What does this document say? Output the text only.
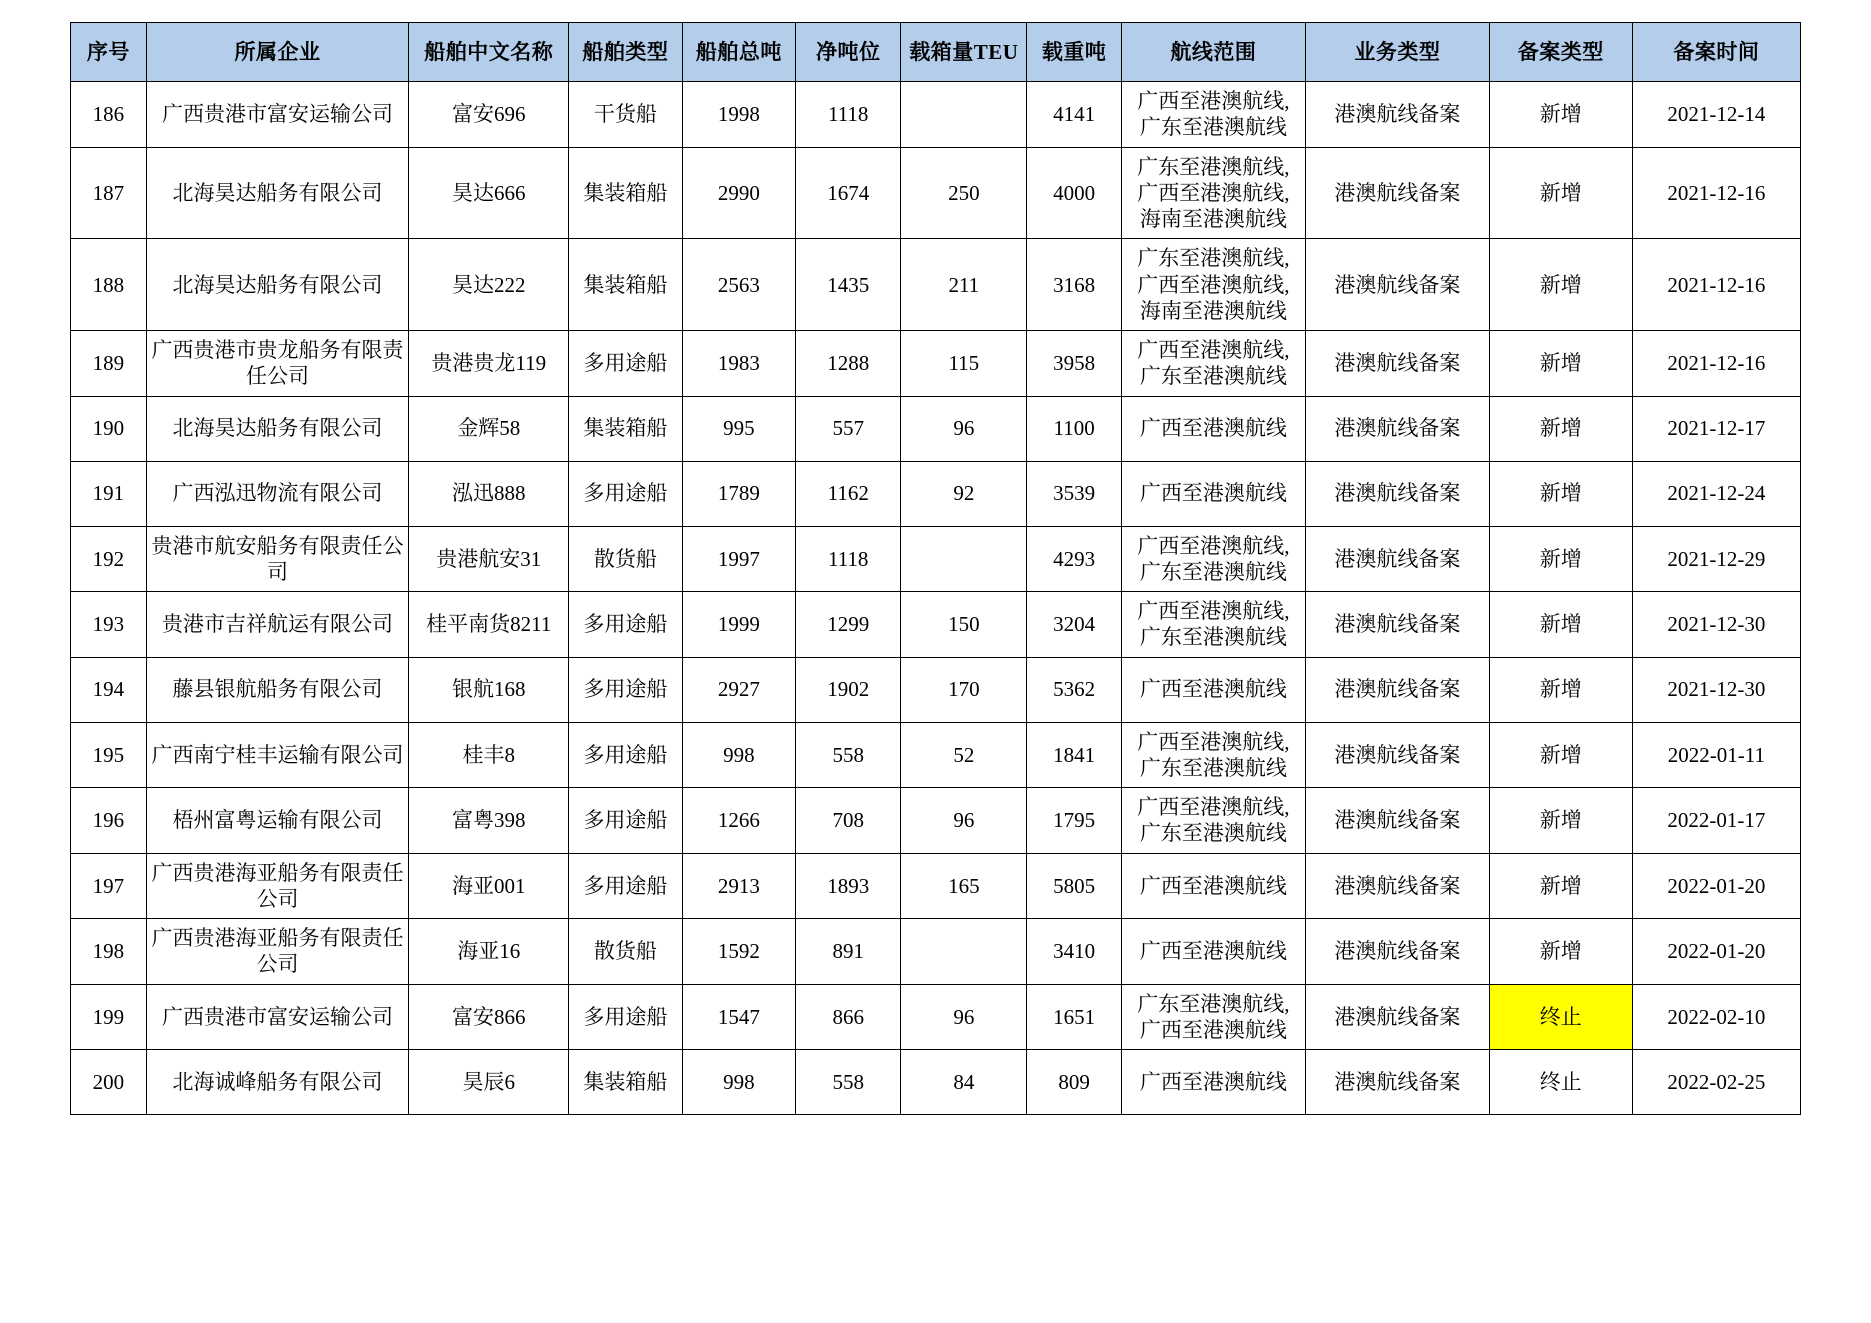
序号	所属企业	船舶中文名称	船舶类型	船舶总吨	净吨位	载箱量TEU	载重吨	航线范围	业务类型	备案类型	备案时间
186	广西贵港市富安运输公司	富安696	干货船	1998	1118		4141	广西至港澳航线,
广东至港澳航线	港澳航线备案	新增	2021-12-14
187	北海昊达船务有限公司	昊达666	集装箱船	2990	1674	250	4000	广东至港澳航线,
广西至港澳航线,
海南至港澳航线	港澳航线备案	新增	2021-12-16
188	北海昊达船务有限公司	昊达222	集装箱船	2563	1435	211	3168	广东至港澳航线,
广西至港澳航线,
海南至港澳航线	港澳航线备案	新增	2021-12-16
189	广西贵港市贵龙船务有限责任公司	贵港贵龙119	多用途船	1983	1288	115	3958	广西至港澳航线,
广东至港澳航线	港澳航线备案	新增	2021-12-16
190	北海昊达船务有限公司	金辉58	集装箱船	995	557	96	1100	广西至港澳航线	港澳航线备案	新增	2021-12-17
191	广西泓迅物流有限公司	泓迅888	多用途船	1789	1162	92	3539	广西至港澳航线	港澳航线备案	新增	2021-12-24
192	贵港市航安船务有限责任公司	贵港航安31	散货船	1997	1118		4293	广西至港澳航线,
广东至港澳航线	港澳航线备案	新增	2021-12-29
193	贵港市吉祥航运有限公司	桂平南货8211	多用途船	1999	1299	150	3204	广西至港澳航线,
广东至港澳航线	港澳航线备案	新增	2021-12-30
194	藤县银航船务有限公司	银航168	多用途船	2927	1902	170	5362	广西至港澳航线	港澳航线备案	新增	2021-12-30
195	广西南宁桂丰运输有限公司	桂丰8	多用途船	998	558	52	1841	广西至港澳航线,
广东至港澳航线	港澳航线备案	新增	2022-01-11
196	梧州富粤运输有限公司	富粤398	多用途船	1266	708	96	1795	广西至港澳航线,
广东至港澳航线	港澳航线备案	新增	2022-01-17
197	广西贵港海亚船务有限责任公司	海亚001	多用途船	2913	1893	165	5805	广西至港澳航线	港澳航线备案	新增	2022-01-20
198	广西贵港海亚船务有限责任公司	海亚16	散货船	1592	891		3410	广西至港澳航线	港澳航线备案	新增	2022-01-20
199	广西贵港市富安运输公司	富安866	多用途船	1547	866	96	1651	广东至港澳航线,
广西至港澳航线	港澳航线备案	终止	2022-02-10
200	北海诚峰船务有限公司	昊辰6	集装箱船	998	558	84	809	广西至港澳航线	港澳航线备案	终止	2022-02-25
